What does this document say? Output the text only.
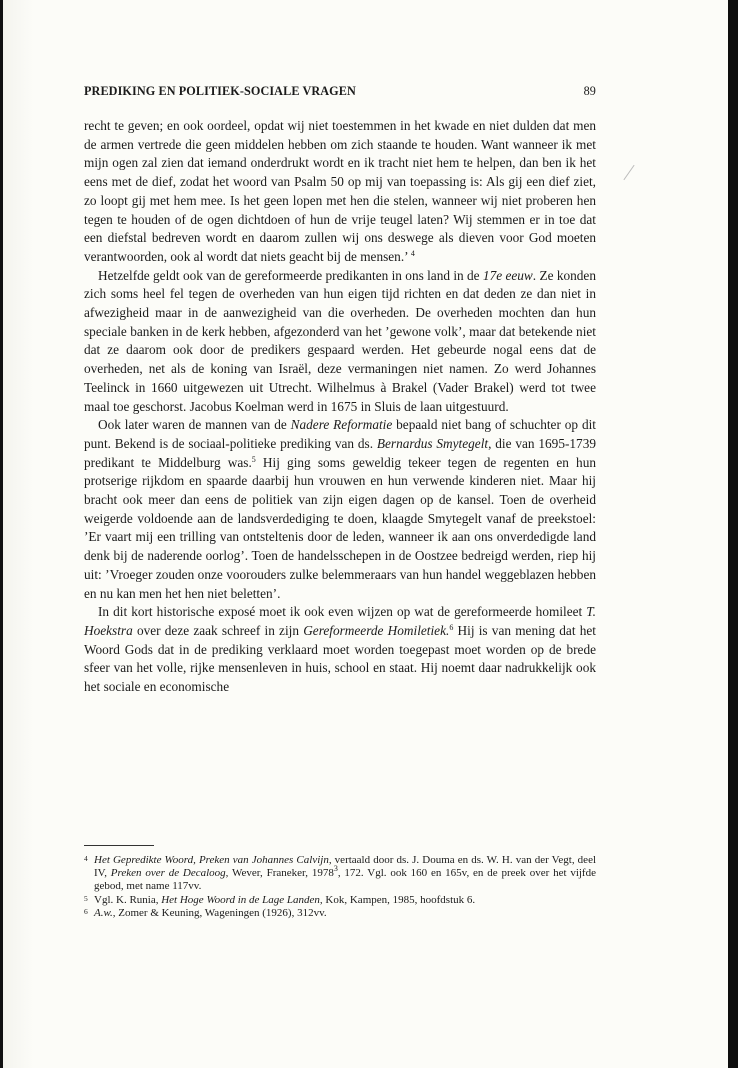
PREDIKING EN POLITIEK-SOCIALE VRAGEN	89

recht te geven; en ook oordeel, opdat wij niet toestemmen in het kwade en niet dulden dat men de armen vertrede die geen middelen hebben om zich staande te houden. Want wanneer ik met mijn ogen zal zien dat iemand onderdrukt wordt en ik tracht niet hem te helpen, dan ben ik het eens met de dief, zodat het woord van Psalm 50 op mij van toepassing is: Als gij een dief ziet, zo loopt gij met hem mee. Is het geen lopen met hen die stelen, wanneer wij niet proberen hen tegen te houden of de ogen dichtdoen of hun de vrije teugel laten? Wij stemmen er in toe dat een diefstal bedreven wordt en daarom zullen wij ons deswege als dieven voor God moeten verantwoorden, ook al wordt dat niets geacht bij de mensen.’ $^4$

Hetzelfde geldt ook van de gereformeerde predikanten in ons land in de 17e eeuw. Ze konden zich soms heel fel tegen de overheden van hun eigen tijd richten en dat deden ze dan niet in afwezigheid maar in de aanwezigheid van die overheden. De overheden mochten dan hun speciale banken in de kerk hebben, afgezonderd van het ’gewone volk’, maar dat betekende niet dat ze daarom ook door de predikers gespaard werden. Het gebeurde nogal eens dat de overheden, net als de koning van Israël, deze vermaningen niet namen. Zo werd Johannes Teelinck in 1660 uitgewezen uit Utrecht. Wilhelmus à Brakel (Vader Brakel) werd tot twee maal toe geschorst. Jacobus Koelman werd in 1675 in Sluis de laan uitgestuurd.

Ook later waren de mannen van de Nadere Reformatie bepaald niet bang of schuchter op dit punt. Bekend is de sociaal-politieke prediking van ds. Bernardus Smytegelt, die van 1695-1739 predikant te Middelburg was.$^5$ Hij ging soms geweldig tekeer tegen de regenten en hun protserige rijkdom en spaarde daarbij hun vrouwen en hun verwende kinderen niet. Maar hij bracht ook meer dan eens de politiek van zijn eigen dagen op de kansel. Toen de overheid weigerde voldoende aan de landsverdediging te doen, klaagde Smytegelt vanaf de preekstoel: ’Er vaart mij een trilling van ontsteltenis door de leden, wanneer ik aan ons onverdedigde land denk bij de naderende oorlog’. Toen de handelsschepen in de Oostzee bedreigd werden, riep hij uit: ’Vroeger zouden onze voorouders zulke belemmeraars van hun handel weggeblazen hebben en nu kan men het hen niet beletten’.

In dit kort historische exposé moet ik ook even wijzen op wat de gereformeerde homileet T. Hoekstra over deze zaak schreef in zijn Gereformeerde Homiletiek.$^6$ Hij is van mening dat het Woord Gods dat in de prediking verklaard moet worden toegepast moet worden op de brede sfeer van het volle, rijke mensenleven in huis, school en staat. Hij noemt daar nadrukkelijk ook het sociale en economische

4 Het Gepredikte Woord, Preken van Johannes Calvijn, vertaald door ds. J. Douma en ds. W. H. van der Vegt, deel IV, Preken over de Decaloog, Wever, Franeker, 1978$^3$, 172. Vgl. ook 160 en 165v, en de preek over het vijfde gebod, met name 117vv.
5 Vgl. K. Runia, Het Hoge Woord in de Lage Landen, Kok, Kampen, 1985, hoofdstuk 6.
6 A.w., Zomer & Keuning, Wageningen (1926), 312vv.
